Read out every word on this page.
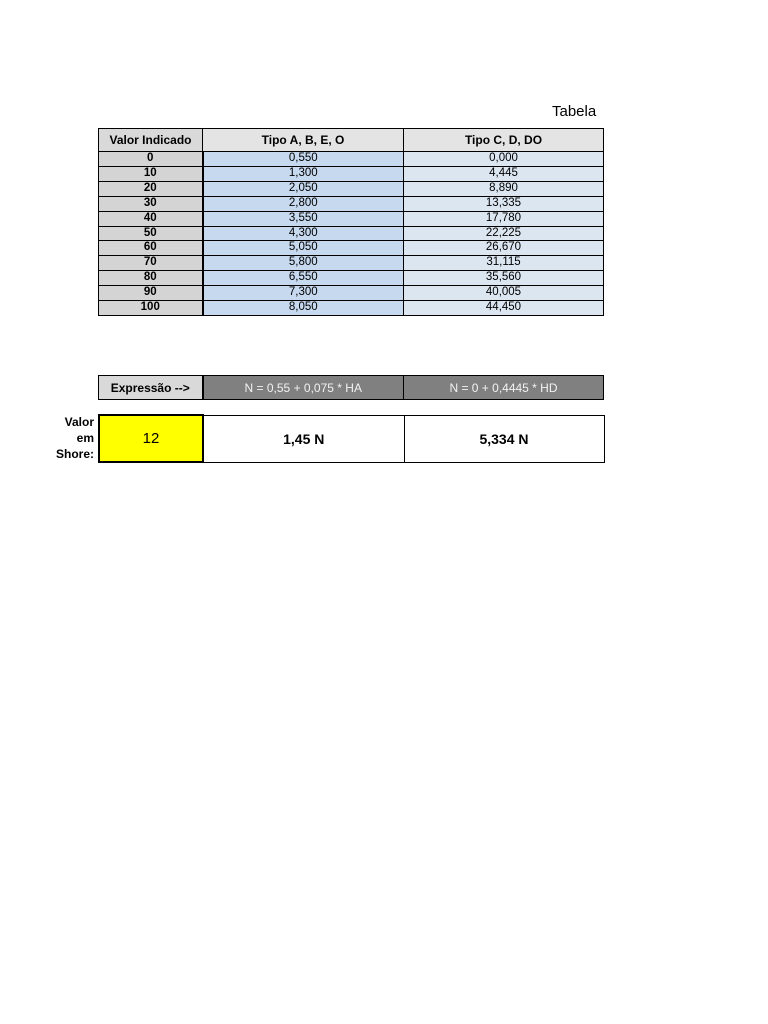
Tabela
Valor Indicado	Tipo A, B, E, O	Tipo C, D, DO
0	0,550	0,000
10	1,300	4,445
20	2,050	8,890
30	2,800	13,335
40	3,550	17,780
50	4,300	22,225
60	5,050	26,670
70	5,800	31,115
80	6,550	35,560
90	7,300	40,005
100	8,050	44,450
Expressão -->	N = 0,55 + 0,075 * HA	N = 0 + 0,4445 * HD
Valor
em
Shore:
12	1,45 N	5,334 N
